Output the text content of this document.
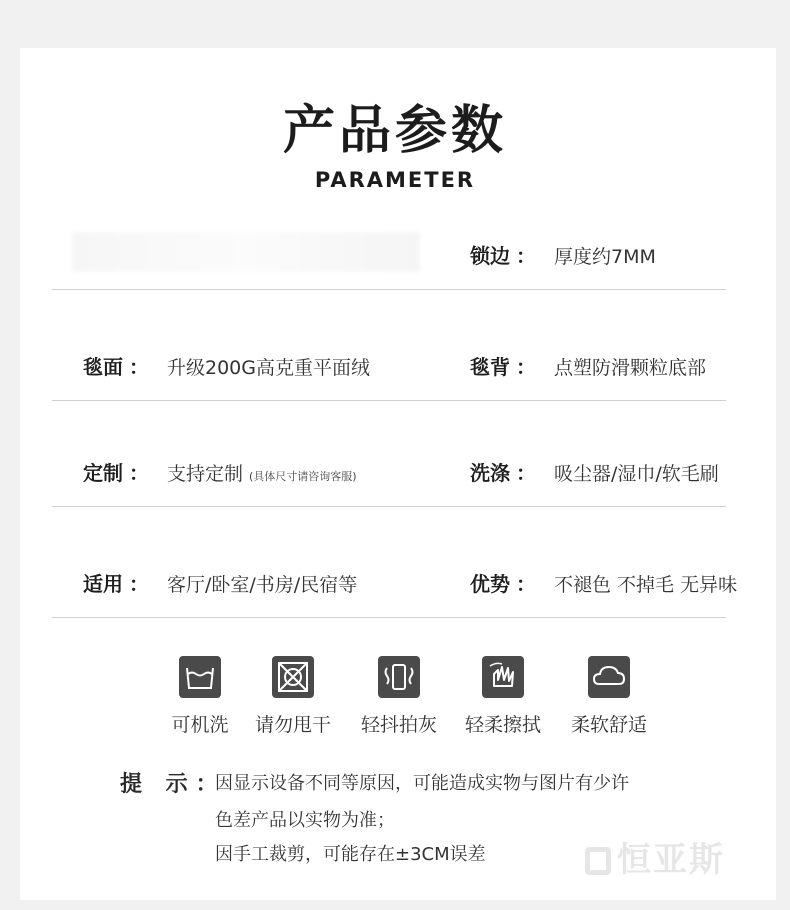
产品参数
PARAMETER
锁边 ： 厚度约7MM
毯面 ： 升级200G高克重平面绒	毯背 ： 点塑防滑颗粒底部
定制 ： 支持定制 (具体尺寸请咨询客服)	洗涤 ： 吸尘器/湿巾/软毛刷
适用 ： 客厅/卧室/书房/民宿等	优势 ： 不褪色 不掉毛 无异味
可机洗	请勿甩干	轻抖拍灰	轻柔擦拭	柔软舒适
提 示：
因显示设备不同等原因，可能造成实物与图片有少许
色差产品以实物为准；
因手工裁剪，可能存在±3CM误差	恒亚斯
